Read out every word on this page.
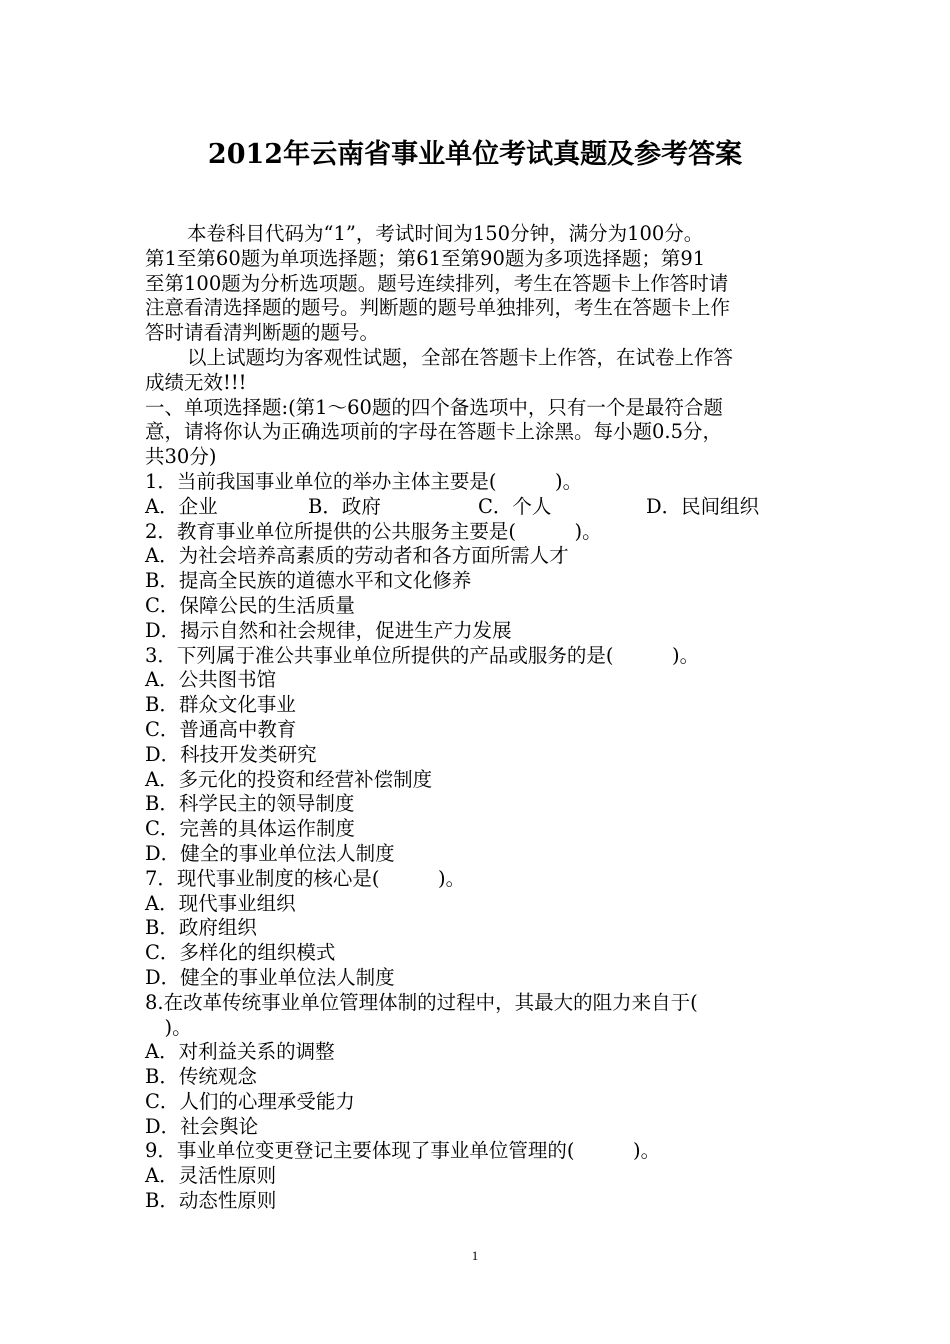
2012年云南省事业单位考试真题及参考答案
本卷科目代码为“1”，考试时间为150分钟，满分为100分。
第1至第60题为单项选择题；第61至第90题为多项选择题；第91
至第100题为分析选项题。题号连续排列，考生在答题卡上作答时请
注意看清选择题的题号。判断题的题号单独排列，考生在答题卡上作
答时请看清判断题的题号。
以上试题均为客观性试题，全部在答题卡上作答，在试卷上作答
成绩无效!!!
一、单项选择题:(第1～60题的四个备选项中，只有一个是最符合题
意，请将你认为正确选项前的字母在答题卡上涂黑。每小题0.5分，
共30分)
1．当前我国事业单位的举办主体主要是(　　　)。
A．企业	B．政府	C．个人	D．民间组织
2．教育事业单位所提供的公共服务主要是(　　　)。
A．为社会培养高素质的劳动者和各方面所需人才
B．提高全民族的道德水平和文化修养
C．保障公民的生活质量
D．揭示自然和社会规律，促进生产力发展
3．下列属于准公共事业单位所提供的产品或服务的是(　　　)。
A．公共图书馆
B．群众文化事业
C．普通高中教育
D．科技开发类研究
A．多元化的投资和经营补偿制度
B．科学民主的领导制度
C．完善的具体运作制度
D．健全的事业单位法人制度
7．现代事业制度的核心是(　　　)。
A．现代事业组织
B．政府组织
C．多样化的组织模式
D．健全的事业单位法人制度
8.在改革传统事业单位管理体制的过程中，其最大的阻力来自于(
　)。
A．对利益关系的调整
B．传统观念
C．人们的心理承受能力
D．社会舆论
9．事业单位变更登记主要体现了事业单位管理的(　　　)。
A．灵活性原则
B．动态性原则
1
